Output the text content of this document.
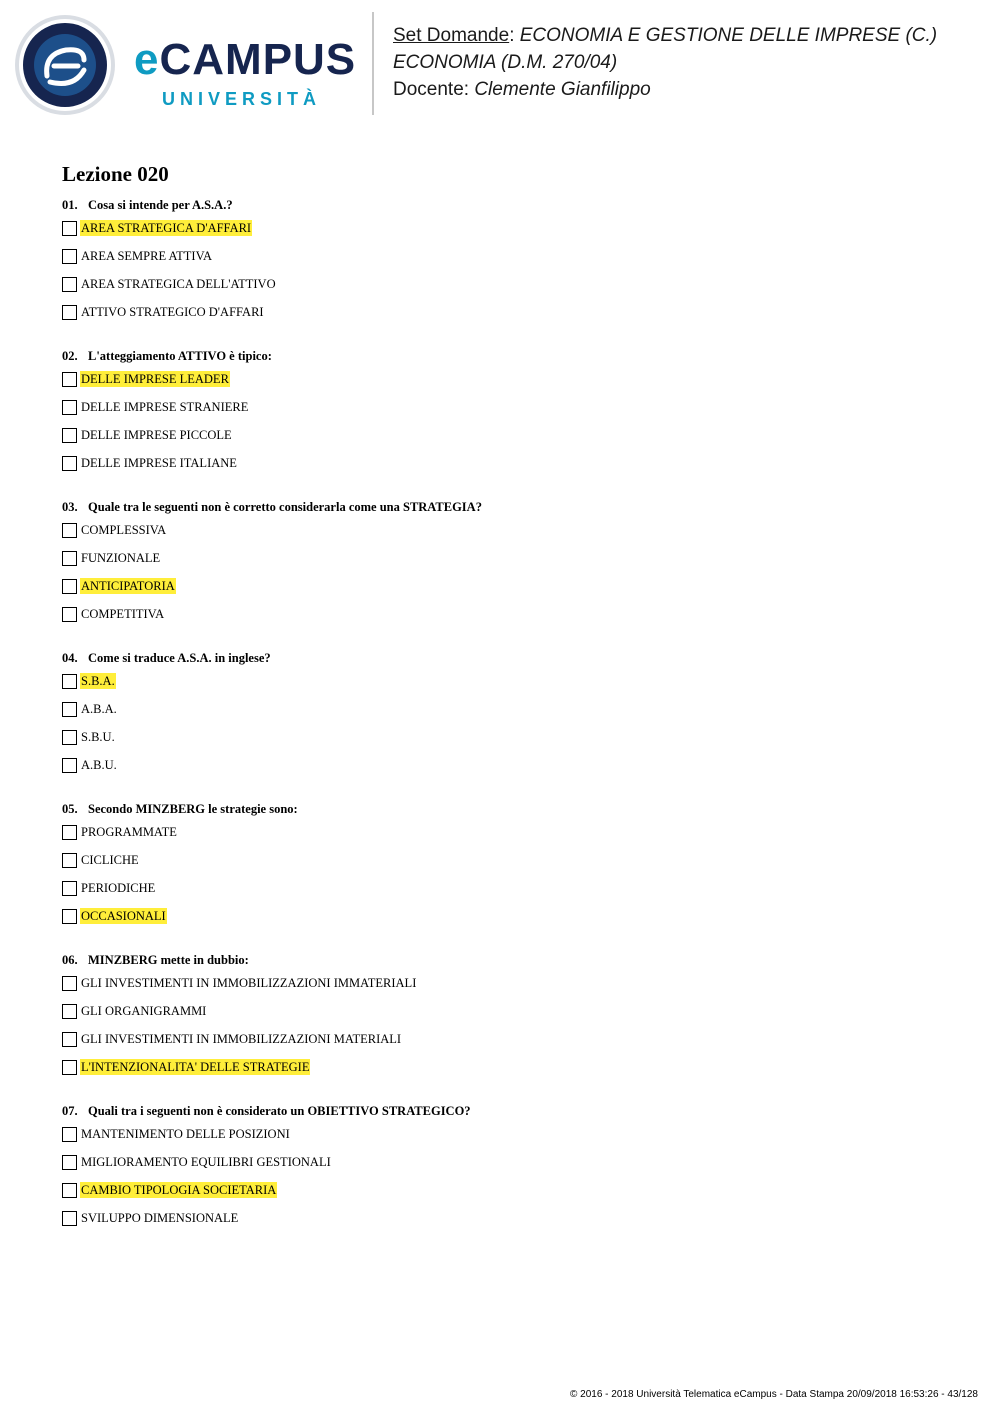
eCAMPUS
UNIVERSITÀ
Set Domande: ECONOMIA E GESTIONE DELLE IMPRESE (C.)
ECONOMIA (D.M. 270/04)
Docente: Clemente Gianfilippo
Lezione 020
01. Cosa si intende per A.S.A.?
AREA STRATEGICA D'AFFARI
AREA SEMPRE ATTIVA
AREA STRATEGICA DELL'ATTIVO
ATTIVO STRATEGICO D'AFFARI
02. L'atteggiamento ATTIVO è tipico:
DELLE IMPRESE LEADER
DELLE IMPRESE STRANIERE
DELLE IMPRESE PICCOLE
DELLE IMPRESE ITALIANE
03. Quale tra le seguenti non è corretto considerarla come una STRATEGIA?
COMPLESSIVA
FUNZIONALE
ANTICIPATORIA
COMPETITIVA
04. Come si traduce A.S.A. in inglese?
S.B.A.
A.B.A.
S.B.U.
A.B.U.
05. Secondo MINZBERG le strategie sono:
PROGRAMMATE
CICLICHE
PERIODICHE
OCCASIONALI
06. MINZBERG mette in dubbio:
GLI INVESTIMENTI IN IMMOBILIZZAZIONI IMMATERIALI
GLI ORGANIGRAMMI
GLI INVESTIMENTI IN IMMOBILIZZAZIONI MATERIALI
L'INTENZIONALITA' DELLE STRATEGIE
07. Quali tra i seguenti non è considerato un OBIETTIVO STRATEGICO?
MANTENIMENTO DELLE POSIZIONI
MIGLIORAMENTO EQUILIBRI GESTIONALI
CAMBIO TIPOLOGIA SOCIETARIA
SVILUPPO DIMENSIONALE
© 2016 - 2018 Università Telematica eCampus - Data Stampa 20/09/2018 16:53:26 - 43/128
